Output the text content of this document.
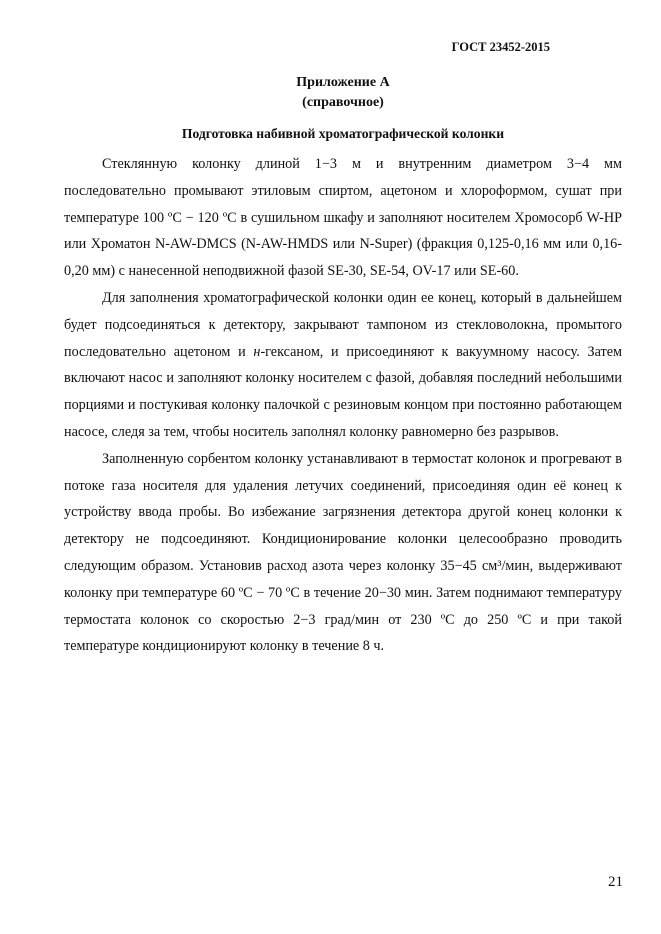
ГОСТ 23452-2015
Приложение А
(справочное)
Подготовка набивной хроматографической колонки

Стеклянную колонку длиной 1−3 м и внутренним диаметром 3−4 мм последовательно промывают этиловым спиртом, ацетоном и хлороформом, сушат при температуре 100 ºС − 120 ºС в сушильном шкафу и заполняют носителем Хромосорб W-HP или Хроматон N-AW-DMCS (N-AW-HMDS или N-Super) (фракция 0,125-0,16 мм или 0,16-0,20 мм) с нанесенной неподвижной фазой SE-30, SE-54, OV-17 или SE-60.

Для заполнения хроматографической колонки один ее конец, который в дальнейшем будет подсоединяться к детектору, закрывают тампоном из стекловолокна, промытого последовательно ацетоном и н-гексаном, и присоединяют к вакуумному насосу. Затем включают насос и заполняют колонку носителем с фазой, добавляя последний небольшими порциями и постукивая колонку палочкой с резиновым концом при постоянно работающем насосе, следя за тем, чтобы носитель заполнял колонку равномерно без разрывов.

Заполненную сорбентом колонку устанавливают в термостат колонок и прогревают в потоке газа носителя для удаления летучих соединений, присоединяя один её конец к устройству ввода пробы. Во избежание загрязнения детектора другой конец колонки к детектору не подсоединяют. Кондиционирование колонки целесообразно проводить следующим образом. Установив расход азота через колонку 35−45 см³/мин, выдерживают колонку при температуре 60 ºС − 70 ºС в течение 20−30 мин. Затем поднимают температуру термостата колонок со скоростью 2−3 град/мин от 230 ºС до 250 ºС и при такой температуре кондиционируют колонку в течение 8 ч.

21
